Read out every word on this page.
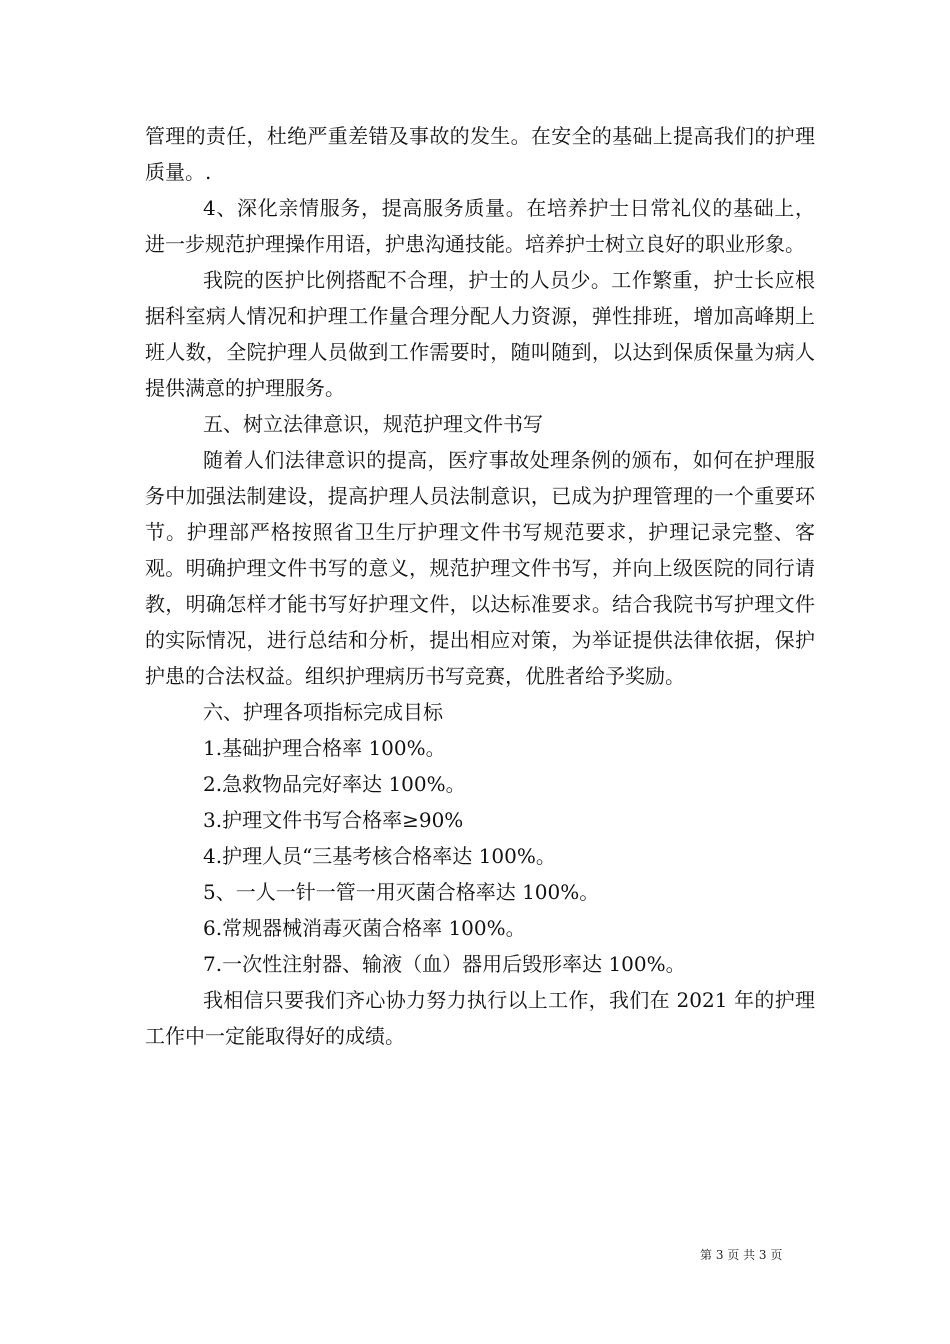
管理的责任，杜绝严重差错及事故的发生。在安全的基础上提高我们的护理质量。.

4、深化亲情服务，提高服务质量。在培养护士日常礼仪的基础上，进一步规范护理操作用语，护患沟通技能。培养护士树立良好的职业形象。

我院的医护比例搭配不合理，护士的人员少。工作繁重，护士长应根据科室病人情况和护理工作量合理分配人力资源，弹性排班，增加高峰期上班人数，全院护理人员做到工作需要时，随叫随到，以达到保质保量为病人提供满意的护理服务。

五、树立法律意识，规范护理文件书写

随着人们法律意识的提高，医疗事故处理条例的颁布，如何在护理服务中加强法制建设，提高护理人员法制意识，已成为护理管理的一个重要环节。护理部严格按照省卫生厅护理文件书写规范要求，护理记录完整、客观。明确护理文件书写的意义，规范护理文件书写，并向上级医院的同行请教，明确怎样才能书写好护理文件，以达标准要求。结合我院书写护理文件的实际情况，进行总结和分析，提出相应对策，为举证提供法律依据，保护护患的合法权益。组织护理病历书写竞赛，优胜者给予奖励。

六、护理各项指标完成目标

1.基础护理合格率 100%。

2.急救物品完好率达 100%。

3.护理文件书写合格率≥90%

4.护理人员“三基考核合格率达 100%。

5、一人一针一管一用灭菌合格率达 100%。

6.常规器械消毒灭菌合格率 100%。

7.一次性注射器、输液（血）器用后毁形率达 100%。

我相信只要我们齐心协力努力执行以上工作，我们在 2021 年的护理工作中一定能取得好的成绩。

第 3 页 共 3 页
